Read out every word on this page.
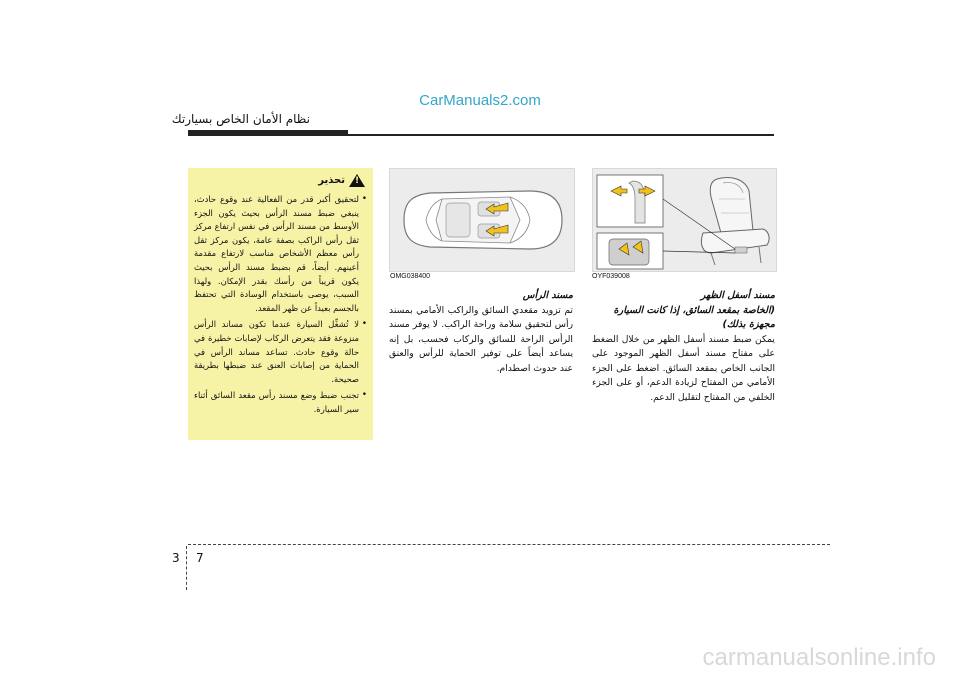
CarManuals2.com
نظام الأمان الخاص بسيارتك
!
تحذير
• لتحقيق أكبر قدر من الفعالية عند وقوع حادث، ينبغي ضبط مسند الرأس بحيث يكون الجزء الأوسط من مسند الرأس في نفس ارتفاع مركز ثقل رأس الراكب بصفة عامة، يكون مركز ثقل رأس معظم الأشخاص مناسب لارتفاع مقدمة أعينهم. أيضاً، قم بضبط مسند الرأس بحيث يكون قريباً من رأسك بقدر الإمكان. ولهذا السبب، يوصى باستخدام الوسادة التي تحتفظ بالجسم بعيداً عن ظهر المقعد.
• لا تُشغِّل السيارة عندما تكون مساند الرأس منزوعة فقد يتعرض الركاب لإصابات خطيرة في حالة وقوع حادث. تساعد مساند الرأس في الحماية من إصابات العنق عند ضبطها بطريقة صحيحة.
• تجنب ضبط وضع مسند رأس مقعد السائق أثناء سير السيارة.
OMG038400	OYF039008
مسند الرأس
تم تزويد مقعدي السائق والراكب الأمامي بمسند رأس لتحقيق سلامة وراحة الراكب. لا يوفر مسند الرأس الراحة للسائق والركاب فحسب، بل إنه يساعد أيضاً على توفير الحماية للرأس والعنق عند حدوث اصطدام.
مسند أسفل الظهر
(الخاصة بمقعد السائق، إذا كانت السيارة مجهزة بذلك)
يمكن ضبط مسند أسفل الظهر من خلال الضغط على مفتاح مسند أسفل الظهر الموجود على الجانب الخاص بمقعد السائق. اضغط على الجزء الأمامي من المفتاح لزيادة الدعم، أو على الجزء الخلفي من المفتاح لتقليل الدعم.
3 7
carmanualsonline.info
